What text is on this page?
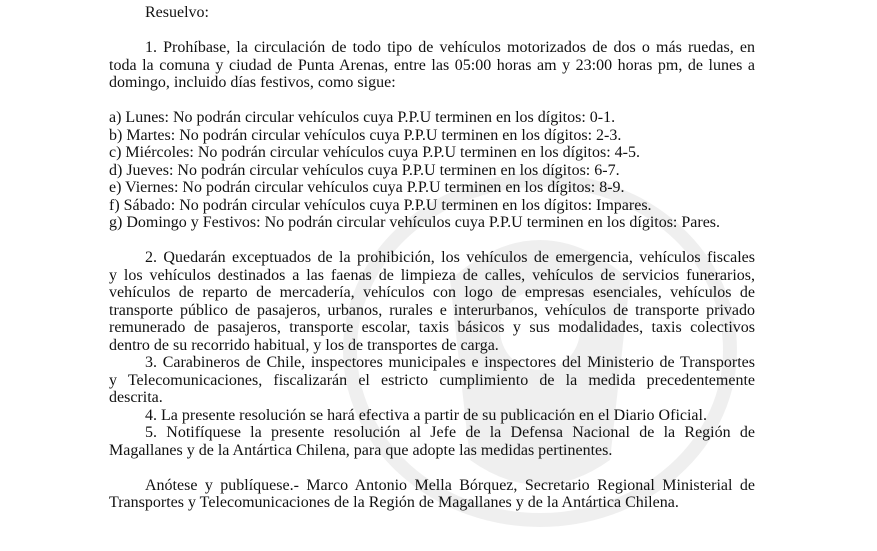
Resuelvo:

1. Prohíbase, la circulación de todo tipo de vehículos motorizados de dos o más ruedas, en

toda la comuna y ciudad de Punta Arenas, entre las 05:00 horas am y 23:00 horas pm, de lunes a

domingo, incluido días festivos, como sigue:

a) Lunes: No podrán circular vehículos cuya P.P.U terminen en los dígitos: 0-1.

b) Martes: No podrán circular vehículos cuya P.P.U terminen en los dígitos: 2-3.

c) Miércoles: No podrán circular vehículos cuya P.P.U terminen en los dígitos: 4-5.

d) Jueves: No podrán circular vehículos cuya P.P.U terminen en los dígitos: 6-7.

e) Viernes: No podrán circular vehículos cuya P.P.U terminen en los dígitos: 8-9.

f) Sábado: No podrán circular vehículos cuya P.P.U terminen en los dígitos: Impares.

g) Domingo y Festivos: No podrán circular vehículos cuya P.P.U terminen en los dígitos: Pares.

2. Quedarán exceptuados de la prohibición, los vehículos de emergencia, vehículos fiscales

y los vehículos destinados a las faenas de limpieza de calles, vehículos de servicios funerarios,

vehículos de reparto de mercadería, vehículos con logo de empresas esenciales, vehículos de

transporte público de pasajeros, urbanos, rurales e interurbanos, vehículos de transporte privado

remunerado de pasajeros, transporte escolar, taxis básicos y sus modalidades, taxis colectivos

dentro de su recorrido habitual, y los de transportes de carga.

3. Carabineros de Chile, inspectores municipales e inspectores del Ministerio de Transportes

y Telecomunicaciones, fiscalizarán el estricto cumplimiento de la medida precedentemente

descrita.

4. La presente resolución se hará efectiva a partir de su publicación en el Diario Oficial.

5. Notifíquese la presente resolución al Jefe de la Defensa Nacional de la Región de

Magallanes y de la Antártica Chilena, para que adopte las medidas pertinentes.

Anótese y publíquese.- Marco Antonio Mella Bórquez, Secretario Regional Ministerial de

Transportes y Telecomunicaciones de la Región de Magallanes y de la Antártica Chilena.
